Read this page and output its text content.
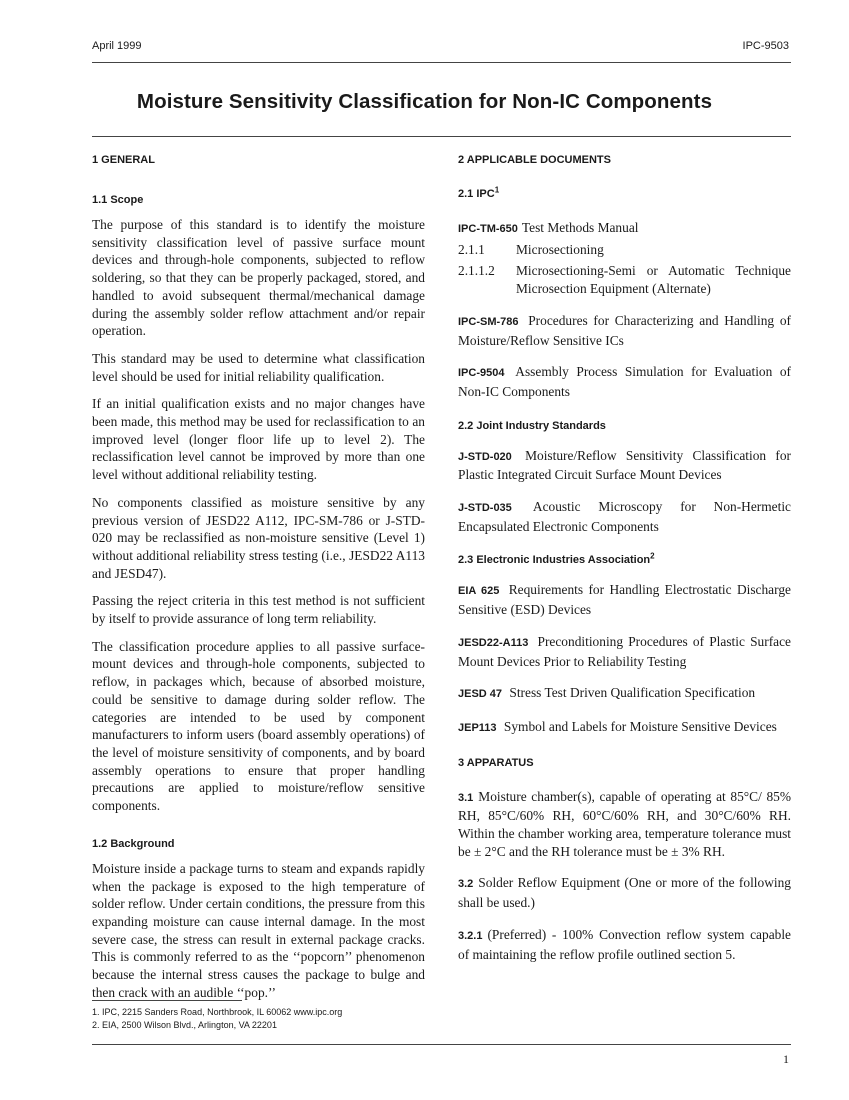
April 1999	IPC-9503
Moisture Sensitivity Classification for Non-IC Components
1 GENERAL
1.1 Scope

The purpose of this standard is to identify the moisture sensitivity classification level of passive surface mount devices and through-hole components, subjected to reflow soldering, so that they can be properly packaged, stored, and handled to avoid subsequent thermal/mechanical damage during the assembly solder reflow attachment and/or repair operation.

This standard may be used to determine what classification level should be used for initial reliability qualification.

If an initial qualification exists and no major changes have been made, this method may be used for reclassification to an improved level (longer floor life up to level 2). The reclassification level cannot be improved by more than one level without additional reliability testing.

No components classified as moisture sensitive by any previous version of JESD22 A112, IPC-SM-786 or J-STD-020 may be reclassified as non-moisture sensitive (Level 1) without additional reliability stress testing (i.e., JESD22 A113 and JESD47).

Passing the reject criteria in this test method is not sufficient by itself to provide assurance of long term reliability.

The classification procedure applies to all passive surface-mount devices and through-hole components, subjected to reflow, in packages which, because of absorbed moisture, could be sensitive to damage during solder reflow. The categories are intended to be used by component manufacturers to inform users (board assembly operations) of the level of moisture sensitivity of components, and by board assembly operations to ensure that proper handling precautions are applied to moisture/reflow sensitive components.

1.2 Background

Moisture inside a package turns to steam and expands rapidly when the package is exposed to the high temperature of solder reflow. Under certain conditions, the pressure from this expanding moisture can cause internal damage. In the most severe case, the stress can result in external package cracks. This is commonly referred to as the ‘‘popcorn’’ phenomenon because the internal stress causes the package to bulge and then crack with an audible ‘‘pop.’’

2 APPLICABLE DOCUMENTS
2.1 IPC$^1$
IPC-TM-650 Test Methods Manual
2.1.1	Microsectioning
2.1.1.2	Microsectioning-Semi or Automatic Technique Microsection Equipment (Alternate)
IPC-SM-786 Procedures for Characterizing and Handling of Moisture/Reflow Sensitive ICs
IPC-9504 Assembly Process Simulation for Evaluation of Non-IC Components
2.2 Joint Industry Standards
J-STD-020 Moisture/Reflow Sensitivity Classification for Plastic Integrated Circuit Surface Mount Devices
J-STD-035 Acoustic Microscopy for Non-Hermetic Encapsulated Electronic Components
2.3 Electronic Industries Association$^2$
EIA 625 Requirements for Handling Electrostatic Discharge Sensitive (ESD) Devices
JESD22-A113 Preconditioning Procedures of Plastic Surface Mount Devices Prior to Reliability Testing
JESD 47 Stress Test Driven Qualification Specification
JEP113 Symbol and Labels for Moisture Sensitive Devices
3 APPARATUS

3.1 Moisture chamber(s), capable of operating at 85°C/ 85% RH, 85°C/60% RH, 60°C/60% RH, and 30°C/60% RH. Within the chamber working area, temperature tolerance must be ± 2°C and the RH tolerance must be ± 3% RH.

3.2 Solder Reflow Equipment (One or more of the following shall be used.)

3.2.1 (Preferred) - 100% Convection reflow system capable of maintaining the reflow profile outlined section 5.

1. IPC, 2215 Sanders Road, Northbrook, IL 60062 www.ipc.org
2. EIA, 2500 Wilson Blvd., Arlington, VA 22201
1
